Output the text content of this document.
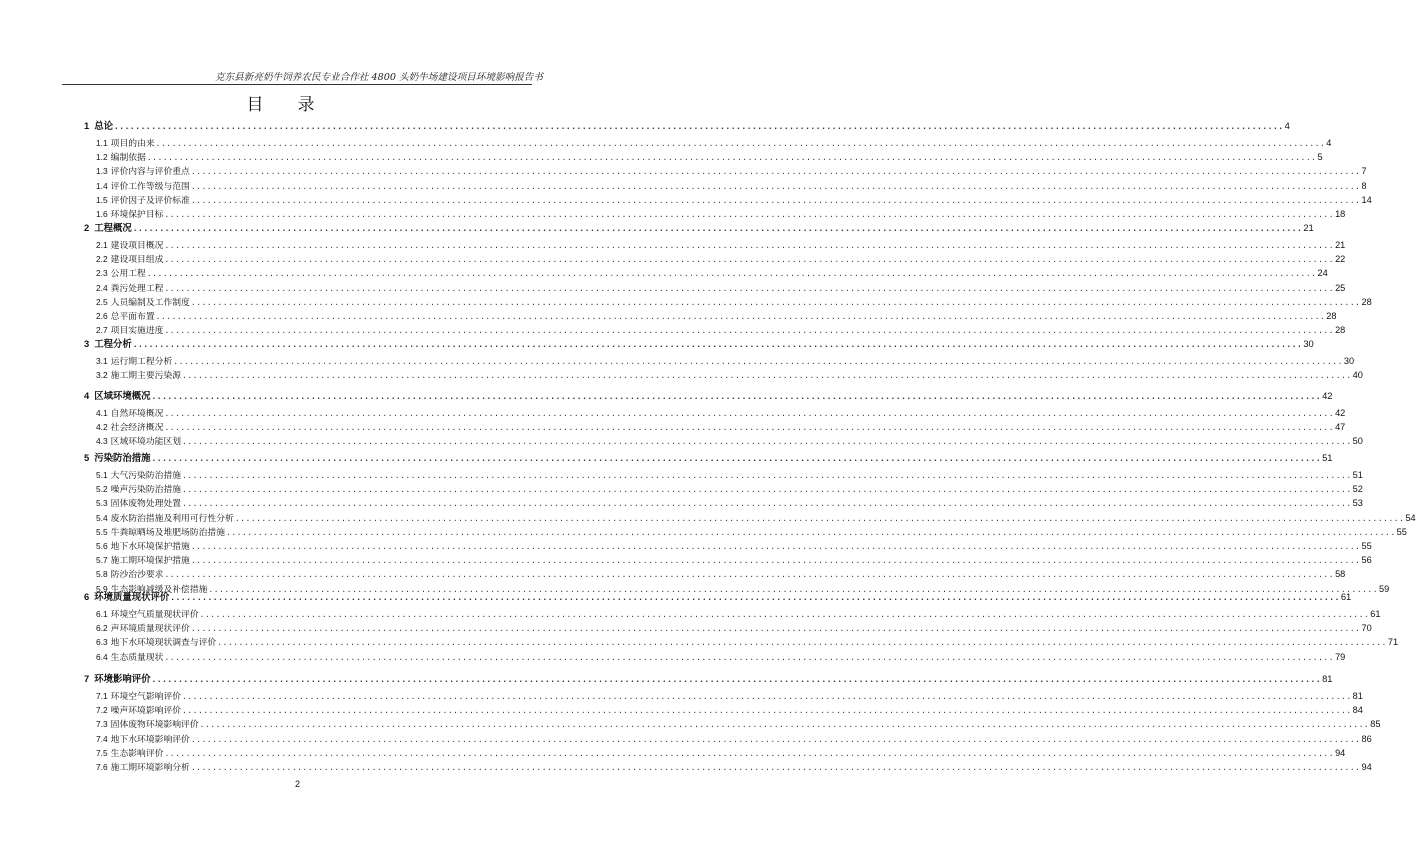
克东县新亮奶牛饲养农民专业合作社 4800 头奶牛场建设项目环境影响报告书
目录
1 总论 ............................................................................................................................................................................................................................ 4
1.1 项目的由来 ............................................................................................................................................................................................................................ 4
1.2 编制依据 ............................................................................................................................................................................................................................ 5
1.3 评价内容与评价重点 ............................................................................................................................................................................................................................ 7
1.4 评价工作等级与范围 ............................................................................................................................................................................................................................ 8
1.5 评价因子及评价标准 ............................................................................................................................................................................................................................ 14
1.6 环境保护目标 ............................................................................................................................................................................................................................ 18
2 工程概况 ............................................................................................................................................................................................................................ 21
2.1 建设项目概况 ............................................................................................................................................................................................................................ 21
2.2 建设项目组成 ............................................................................................................................................................................................................................ 22
2.3 公用工程 ............................................................................................................................................................................................................................ 24
2.4 粪污处理工程 ............................................................................................................................................................................................................................ 25
2.5 人员编制及工作制度 ............................................................................................................................................................................................................................ 28
2.6 总平面布置 ............................................................................................................................................................................................................................ 28
2.7 项目实施进度 ............................................................................................................................................................................................................................ 28
3 工程分析 ............................................................................................................................................................................................................................ 30
3.1 运行期工程分析 ............................................................................................................................................................................................................................ 30
3.2 施工期主要污染源 ............................................................................................................................................................................................................................ 40
4 区域环境概况 ............................................................................................................................................................................................................................ 42
4.1 自然环境概况 ............................................................................................................................................................................................................................ 42
4.2 社会经济概况 ............................................................................................................................................................................................................................ 47
4.3 区域环境功能区划 ............................................................................................................................................................................................................................ 50
5 污染防治措施 ............................................................................................................................................................................................................................ 51
5.1 大气污染防治措施 ............................................................................................................................................................................................................................ 51
5.2 噪声污染防治措施 ............................................................................................................................................................................................................................ 52
5.3 固体废物处理处置 ............................................................................................................................................................................................................................ 53
5.4 废水防治措施及利用可行性分析 ............................................................................................................................................................................................................................ 54
5.5 牛粪晾晒场及堆肥场防治措施 ............................................................................................................................................................................................................................ 55
5.6 地下水环境保护措施 ............................................................................................................................................................................................................................ 55
5.7 施工期环境保护措施 ............................................................................................................................................................................................................................ 56
5.8 防沙治沙要求 ............................................................................................................................................................................................................................ 58
5.9 生态影响减缓及补偿措施 ............................................................................................................................................................................................................................ 59
6 环境质量现状评价 ............................................................................................................................................................................................................................ 61
6.1 环境空气质量现状评价 ............................................................................................................................................................................................................................ 61
6.2 声环境质量现状评价 ............................................................................................................................................................................................................................ 70
6.3 地下水环境现状调查与评价 ............................................................................................................................................................................................................................ 71
6.4 生态质量现状 ............................................................................................................................................................................................................................ 79
7 环境影响评价 ............................................................................................................................................................................................................................ 81
7.1 环境空气影响评价 ............................................................................................................................................................................................................................ 81
7.2 噪声环境影响评价 ............................................................................................................................................................................................................................ 84
7.3 固体废物环境影响评价 ............................................................................................................................................................................................................................ 85
7.4 地下水环境影响评价 ............................................................................................................................................................................................................................ 86
7.5 生态影响评价 ............................................................................................................................................................................................................................ 94
7.6 施工期环境影响分析 ............................................................................................................................................................................................................................ 94
2
